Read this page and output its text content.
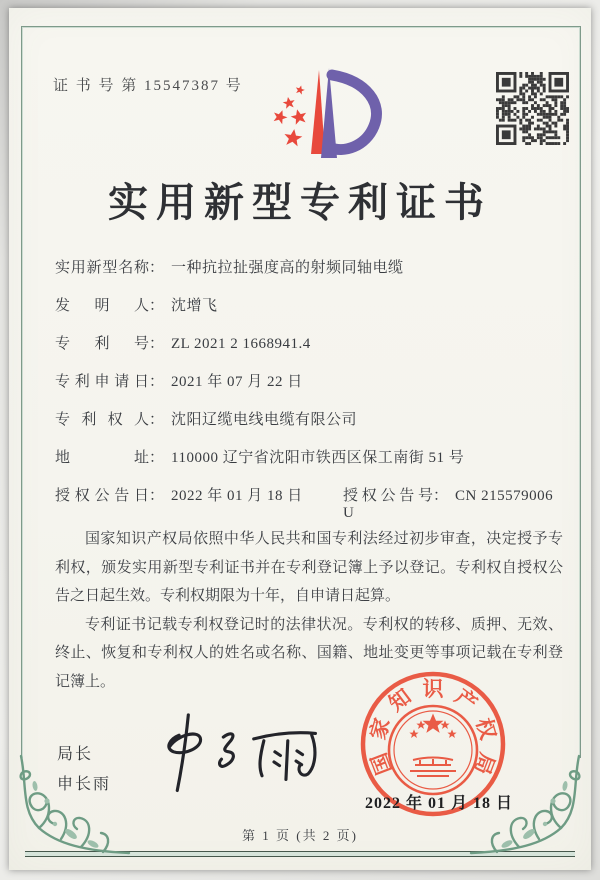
证 书 号 第 15547387 号
实用新型专利证书
实用新型名称： 一种抗拉扯强度高的射频同轴电缆
发明人： 沈增飞
专利号： ZL 2021 2 1668941.4
专利申请日： 2021 年 07 月 22 日
专利权人： 沈阳辽缆电线电缆有限公司
地址： 110000 辽宁省沈阳市铁西区保工南街 51 号
授权公告日： 2022 年 01 月 18 日	授权公告号： CN 215579006 U

国家知识产权局依照中华人民共和国专利法经过初步审查，决定授予专利权，颁发实用新型专利证书并在专利登记簿上予以登记。专利权自授权公告之日起生效。专利权期限为十年，自申请日起算。

专利证书记载专利权登记时的法律状况。专利权的转移、质押、无效、终止、恢复和专利权人的姓名或名称、国籍、地址变更等事项记载在专利登记簿上。

局长
申长雨
国
家
知 识 产
权
局
2022 年 01 月 18 日
第 1 页 (共 2 页)
